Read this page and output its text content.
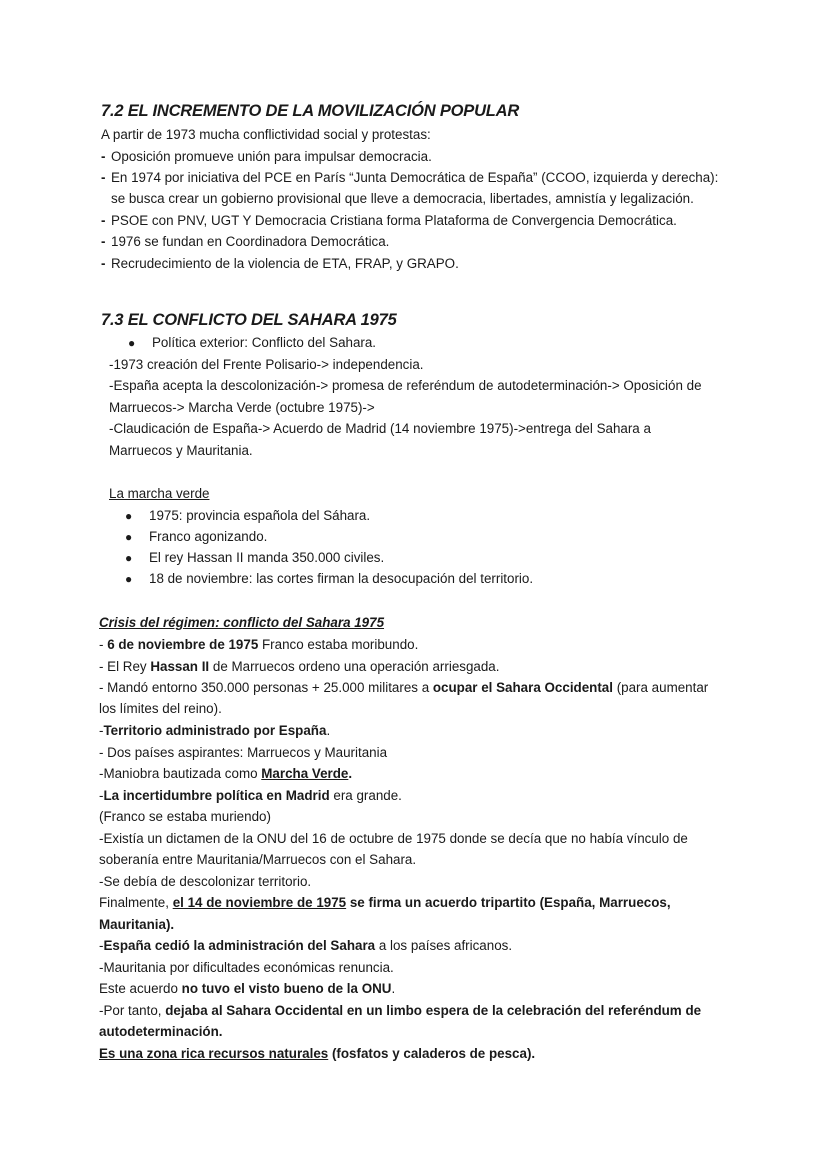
7.2 EL INCREMENTO DE LA MOVILIZACIÓN POPULAR
A partir de 1973 mucha conflictividad social y protestas:
- Oposición promueve unión para impulsar democracia.
- En 1974 por iniciativa del PCE en París “Junta Democrática de España” (CCOO, izquierda y derecha):
se busca crear un gobierno provisional que lleve a democracia, libertades, amnistía y legalización.
- PSOE con PNV, UGT Y Democracia Cristiana forma Plataforma de Convergencia Democrática.
- 1976 se fundan en Coordinadora Democrática.
- Recrudecimiento de la violencia de ETA, FRAP, y GRAPO.
7.3 EL CONFLICTO DEL SAHARA 1975
● Política exterior: Conflicto del Sahara.
-1973 creación del Frente Polisario-> independencia.
-España acepta la descolonización-> promesa de referéndum de autodeterminación-> Oposición de
Marruecos-> Marcha Verde (octubre 1975)->
-Claudicación de España-> Acuerdo de Madrid (14 noviembre 1975)->entrega del Sahara a
Marruecos y Mauritania.
La marcha verde
● 1975: provincia española del Sáhara.
● Franco agonizando.
● El rey Hassan II manda 350.000 civiles.
● 18 de noviembre: las cortes firman la desocupación del territorio.
Crisis del régimen: conflicto del Sahara 1975
- 6 de noviembre de 1975 Franco estaba moribundo.
- El Rey Hassan II de Marruecos ordeno una operación arriesgada.
- Mandó entorno 350.000 personas + 25.000 militares a ocupar el Sahara Occidental (para aumentar
los límites del reino).
-Territorio administrado por España.
- Dos países aspirantes: Marruecos y Mauritania
-Maniobra bautizada como Marcha Verde.
-La incertidumbre política en Madrid era grande.
(Franco se estaba muriendo)
-Existía un dictamen de la ONU del 16 de octubre de 1975 donde se decía que no había vínculo de
soberanía entre Mauritania/Marruecos con el Sahara.
-Se debía de descolonizar territorio.
Finalmente, el 14 de noviembre de 1975 se firma un acuerdo tripartito (España, Marruecos,
Mauritania).
-España cedió la administración del Sahara a los países africanos.
-Mauritania por dificultades económicas renuncia.
Este acuerdo no tuvo el visto bueno de la ONU.
-Por tanto, dejaba al Sahara Occidental en un limbo espera de la celebración del referéndum de
autodeterminación.
Es una zona rica recursos naturales (fosfatos y caladeros de pesca).
